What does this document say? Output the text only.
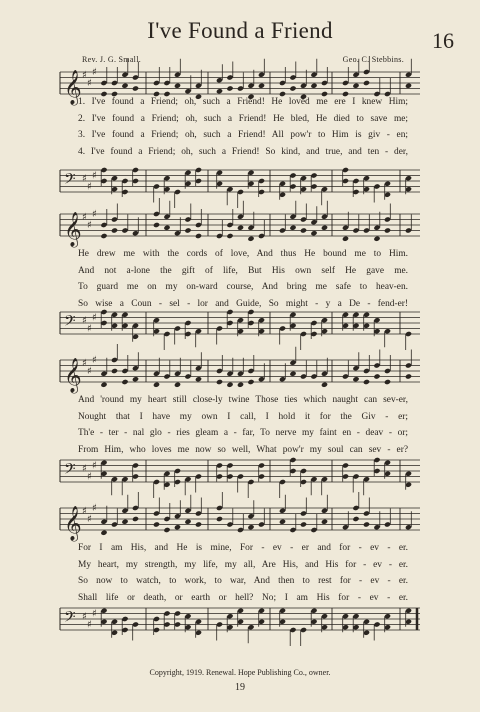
I've Found a Friend	16
Rev. J. G. Small.	Geo. C. Stebbins.
𝄞 ♯
♯
♯
1. I've found a Friend; oh, such a Friend! He loved me ere I knew Him;
2. I've found a Friend; oh, such a Friend! He bled, He died to save me;
3. I've found a Friend; oh, such a Friend! All pow'r to Him is giv - en;
4. I've found a Friend; oh, such a Friend! So kind, and true, and ten - der,
𝄢 ♯
♯
♯
𝄞 ♯
♯
♯
He drew me with the cords of love, And thus He bound me to Him.
And not a-lone the gift of life, But His own self He gave me.
To guard me on my on-ward course, And bring me safe to heav-en.
So wise a Coun - sel - lor and Guide, So might - y a De - fend-er!
𝄢 ♯
♯
♯
𝄞 ♯
♯
♯
And 'round my heart still close-ly twine Those ties which naught can sev-er,
Nought that I have my own I call, I hold it for the Giv - er;
Th'e - ter - nal glo - ries gleam a - far, To nerve my faint en - deav - or;
From Him, who loves me now so well, What pow'r my soul can sev - er?
𝄢 ♯
♯
♯
𝄞 ♯
♯
♯
For I am His, and He is mine, For - ev - er and for - ev - er.
My heart, my strength, my life, my all, Are His, and His for - ev - er.
So now to watch, to work, to war, And then to rest for - ev - er.
Shall life or death, or earth or hell? No; I am His for - ev - er.
𝄢 ♯
♯
♯
Copyright, 1919. Renewal. Hope Publishing Co., owner.
19
